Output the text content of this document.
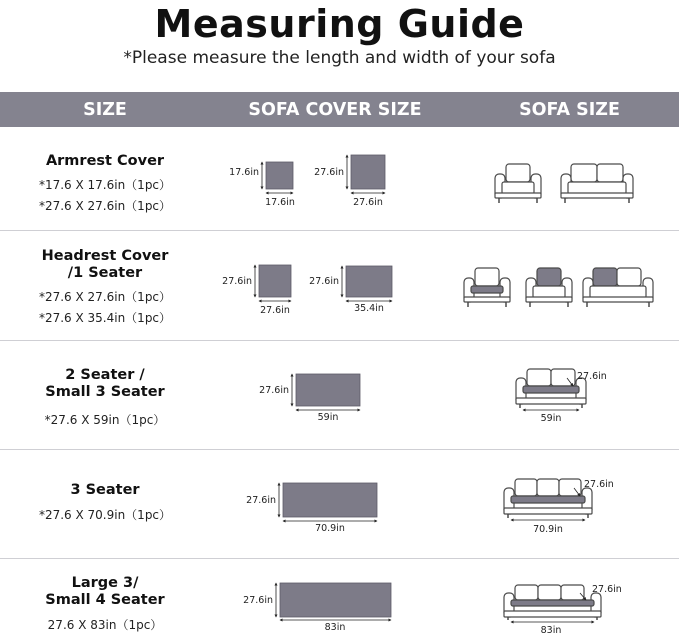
Measuring Guide
*Please measure the length and width of your sofa
SIZE	SOFA COVER SIZE	SOFA SIZE
Armrest Cover
*17.6 X 17.6in（1pc）
*27.6 X 27.6in（1pc）
Headrest Cover
/1 Seater
*27.6 X 27.6in（1pc）
*27.6 X 35.4in（1pc）
2 Seater /
Small 3 Seater
*27.6 X 59in（1pc）
3 Seater
*27.6 X 70.9in（1pc）
Large 3/
Small 4 Seater
27.6 X 83in（1pc）
17.6in
17.6in
27.6in
27.6in
27.6in
27.6in
27.6in
35.4in
27.6in
59in
27.6in
59in
27.6in
70.9in
27.6in
70.9in
27.6in
83in
27.6in
83in
